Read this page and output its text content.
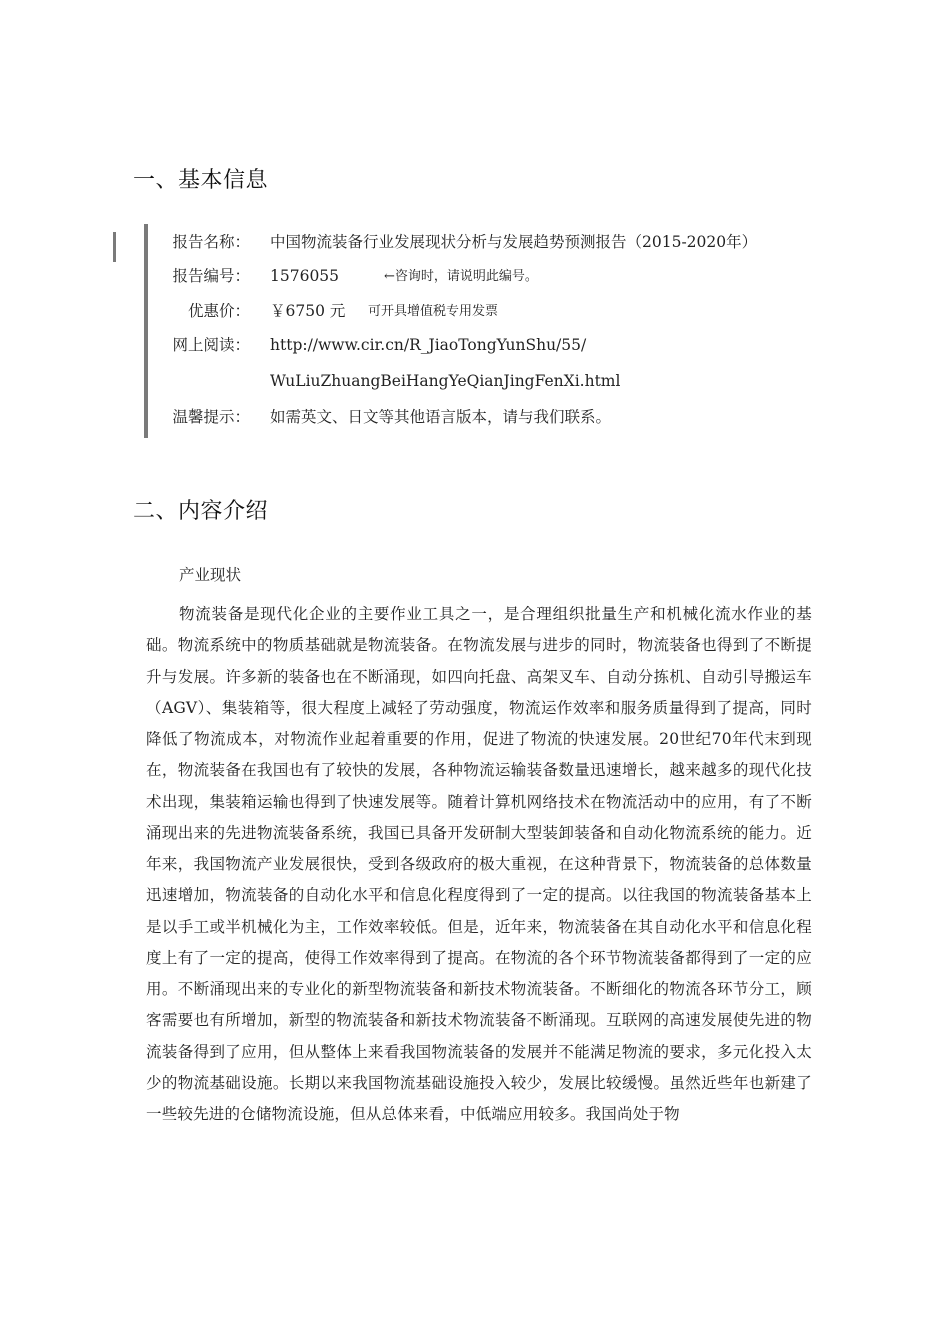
一、基本信息
报告名称： 中国物流装备行业发展现状分析与发展趋势预测报告（2015-2020年）
报告编号： 1576055	←咨询时，请说明此编号。
优惠价： ￥6750 元 可开具增值税专用发票
网上阅读： http://www.cir.cn/R_JiaoTongYunShu/55/
WuLiuZhuangBeiHangYeQianJingFenXi.html
温馨提示： 如需英文、日文等其他语言版本，请与我们联系。
二、内容介绍
产业现状

物流装备是现代化企业的主要作业工具之一，是合理组织批量生产和机械化流水作业的基础。物流系统中的物质基础就是物流装备。在物流发展与进步的同时，物流装备也得到了不断提升与发展。许多新的装备也在不断涌现，如四向托盘、高架叉车、自动分拣机、自动引导搬运车（AGV）、集装箱等，很大程度上减轻了劳动强度，物流运作效率和服务质量得到了提高，同时降低了物流成本，对物流作业起着重要的作用，促进了物流的快速发展。20世纪70年代末到现在，物流装备在我国也有了较快的发展，各种物流运输装备数量迅速增长，越来越多的现代化技术出现，集装箱运输也得到了快速发展等。随着计算机网络技术在物流活动中的应用，有了不断涌现出来的先进物流装备系统，我国已具备开发研制大型装卸装备和自动化物流系统的能力。近年来，我国物流产业发展很快，受到各级政府的极大重视，在这种背景下，物流装备的总体数量迅速增加，物流装备的自动化水平和信息化程度得到了一定的提高。以往我国的物流装备基本上是以手工或半机械化为主，工作效率较低。但是，近年来，物流装备在其自动化水平和信息化程度上有了一定的提高，使得工作效率得到了提高。在物流的各个环节物流装备都得到了一定的应用。不断涌现出来的专业化的新型物流装备和新技术物流装备。不断细化的物流各环节分工，顾客需要也有所增加，新型的物流装备和新技术物流装备不断涌现。互联网的高速发展使先进的物流装备得到了应用，但从整体上来看我国物流装备的发展并不能满足物流的要求，多元化投入太少的物流基础设施。长期以来我国物流基础设施投入较少，发展比较缓慢。虽然近些年也新建了一些较先进的仓储物流设施，但从总体来看，中低端应用较多。我国尚处于物
